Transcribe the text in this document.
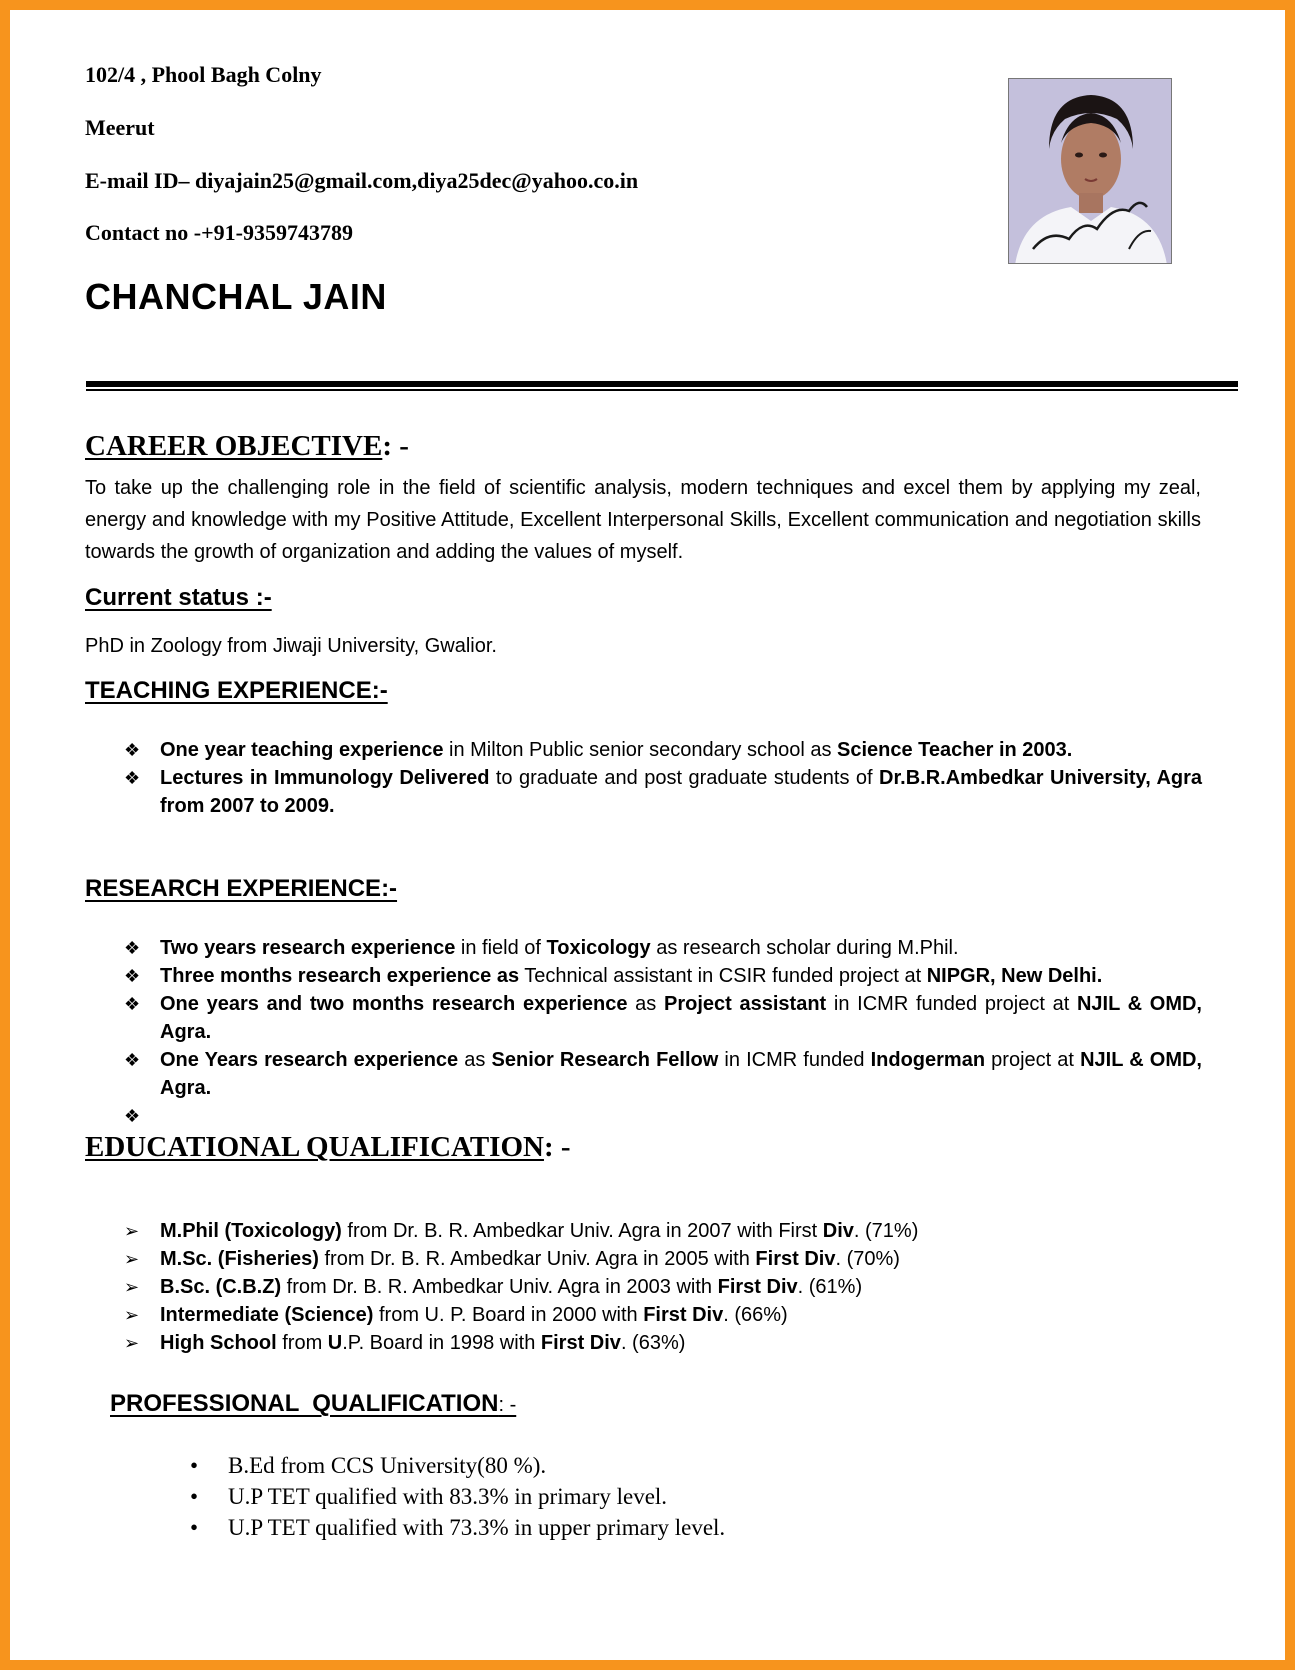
102/4 , Phool Bagh Colny
Meerut
E-mail ID– diyajain25@gmail.com,diya25dec@yahoo.co.in
Contact no -+91-9359743789
CHANCHAL JAIN
CAREER OBJECTIVE: -
To take up the challenging role in the field of scientific analysis, modern techniques and excel them by applying my zeal, energy and knowledge with my Positive Attitude, Excellent Interpersonal Skills, Excellent communication and negotiation skills towards the growth of organization and adding the values of myself.
Current status :-
PhD in Zoology from Jiwaji University, Gwalior.
TEACHING EXPERIENCE:-
❖ One year teaching experience in Milton Public senior secondary school as Science Teacher in 2003.
❖ Lectures in Immunology Delivered to graduate and post graduate students of Dr.B.R.Ambedkar University, Agra from 2007 to 2009.
RESEARCH EXPERIENCE:-
❖ Two years research experience in field of Toxicology as research scholar during M.Phil.
❖ Three months research experience as Technical assistant in CSIR funded project at NIPGR, New Delhi.
❖ One years and two months research experience as Project assistant in ICMR funded project at NJIL & OMD, Agra.
❖ One Years research experience as Senior Research Fellow in ICMR funded Indogerman project at NJIL & OMD, Agra.
❖
EDUCATIONAL QUALIFICATION: -
➢	M.Phil (Toxicology) from Dr. B. R. Ambedkar Univ. Agra in 2007 with First Div. (71%)
➢	M.Sc. (Fisheries) from Dr. B. R. Ambedkar Univ. Agra in 2005 with First Div. (70%)
➢	B.Sc. (C.B.Z) from Dr. B. R. Ambedkar Univ. Agra in 2003 with First Div. (61%)
➢	Intermediate (Science) from U. P. Board in 2000 with First Div. (66%)
➢	High School from U.P. Board in 1998 with First Div. (63%)
PROFESSIONAL  QUALIFICATION: -
•	B.Ed from CCS University(80 %).
•	U.P TET qualified with 83.3% in primary level.
•	U.P TET qualified with 73.3% in upper primary level.
